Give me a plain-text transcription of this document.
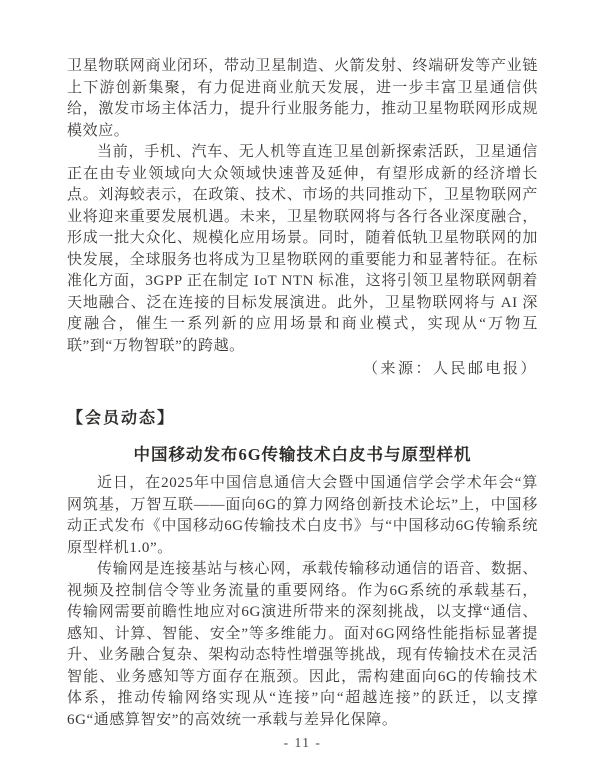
卫星物联网商业闭环，带动卫星制造、火箭发射、终端研发等产业链上下游创新集聚，有力促进商业航天发展，进一步丰富卫星通信供给，激发市场主体活力，提升行业服务能力，推动卫星物联网形成规模效应。

当前，手机、汽车、无人机等直连卫星创新探索活跃，卫星通信正在由专业领域向大众领域快速普及延伸，有望形成新的经济增长点。刘海蛟表示，在政策、技术、市场的共同推动下，卫星物联网产业将迎来重要发展机遇。未来，卫星物联网将与各行各业深度融合，形成一批大众化、规模化应用场景。同时，随着低轨卫星物联网的加快发展，全球服务也将成为卫星物联网的重要能力和显著特征。在标准化方面，3GPP 正在制定 IoT NTN 标准，这将引领卫星物联网朝着天地融合、泛在连接的目标发展演进。此外，卫星物联网将与 AI 深度融合，催生一系列新的应用场景和商业模式，实现从“万物互联”到“万物智联”的跨越。

（来源：人民邮电报）

【会员动态】
中国移动发布6G传输技术白皮书与原型样机

近日，在2025年中国信息通信大会暨中国通信学会学术年会“算网筑基，万智互联——面向6G的算力网络创新技术论坛”上，中国移动正式发布《中国移动6G传输技术白皮书》与“中国移动6G传输系统原型样机1.0”。

传输网是连接基站与核心网，承载传输移动通信的语音、数据、视频及控制信令等业务流量的重要网络。作为6G系统的承载基石，传输网需要前瞻性地应对6G演进所带来的深刻挑战，以支撑“通信、感知、计算、智能、安全”等多维能力。面对6G网络性能指标显著提升、业务融合复杂、架构动态特性增强等挑战，现有传输技术在灵活智能、业务感知等方面存在瓶颈。因此，需构建面向6G的传输技术体系，推动传输网络实现从“连接”向“超越连接”的跃迁，以支撑6G“通感算智安”的高效统一承载与差异化保障。

- 11 -
